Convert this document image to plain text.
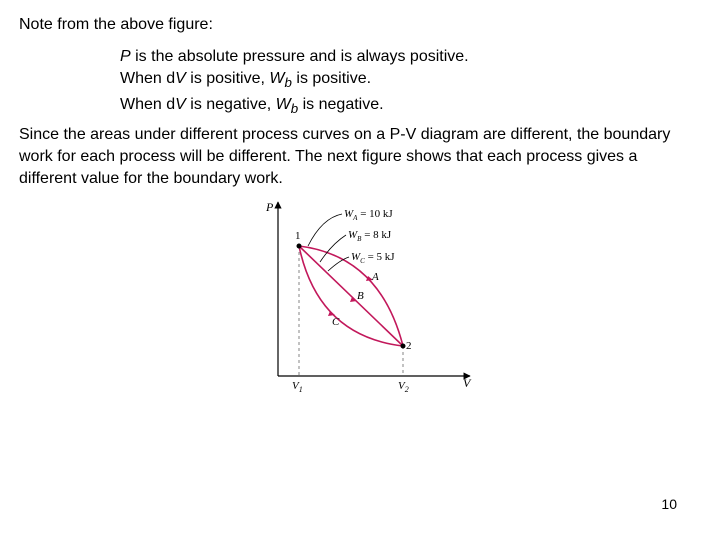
Note from the above figure:
P is the absolute pressure and is always positive.
When dV is positive, $W_b$ is positive.
When dV is negative, $W_b$ is negative.
Since the areas under different process curves on a P-V diagram are different, the boundary work for each process will be different. The next figure shows that each process gives a different value for the boundary work.
P
V
$V_1$	$V_2$
1
2
A
B
C
$W_A = 10$ kJ
$W_B = 8$ kJ
$W_C = 5$ kJ
10
